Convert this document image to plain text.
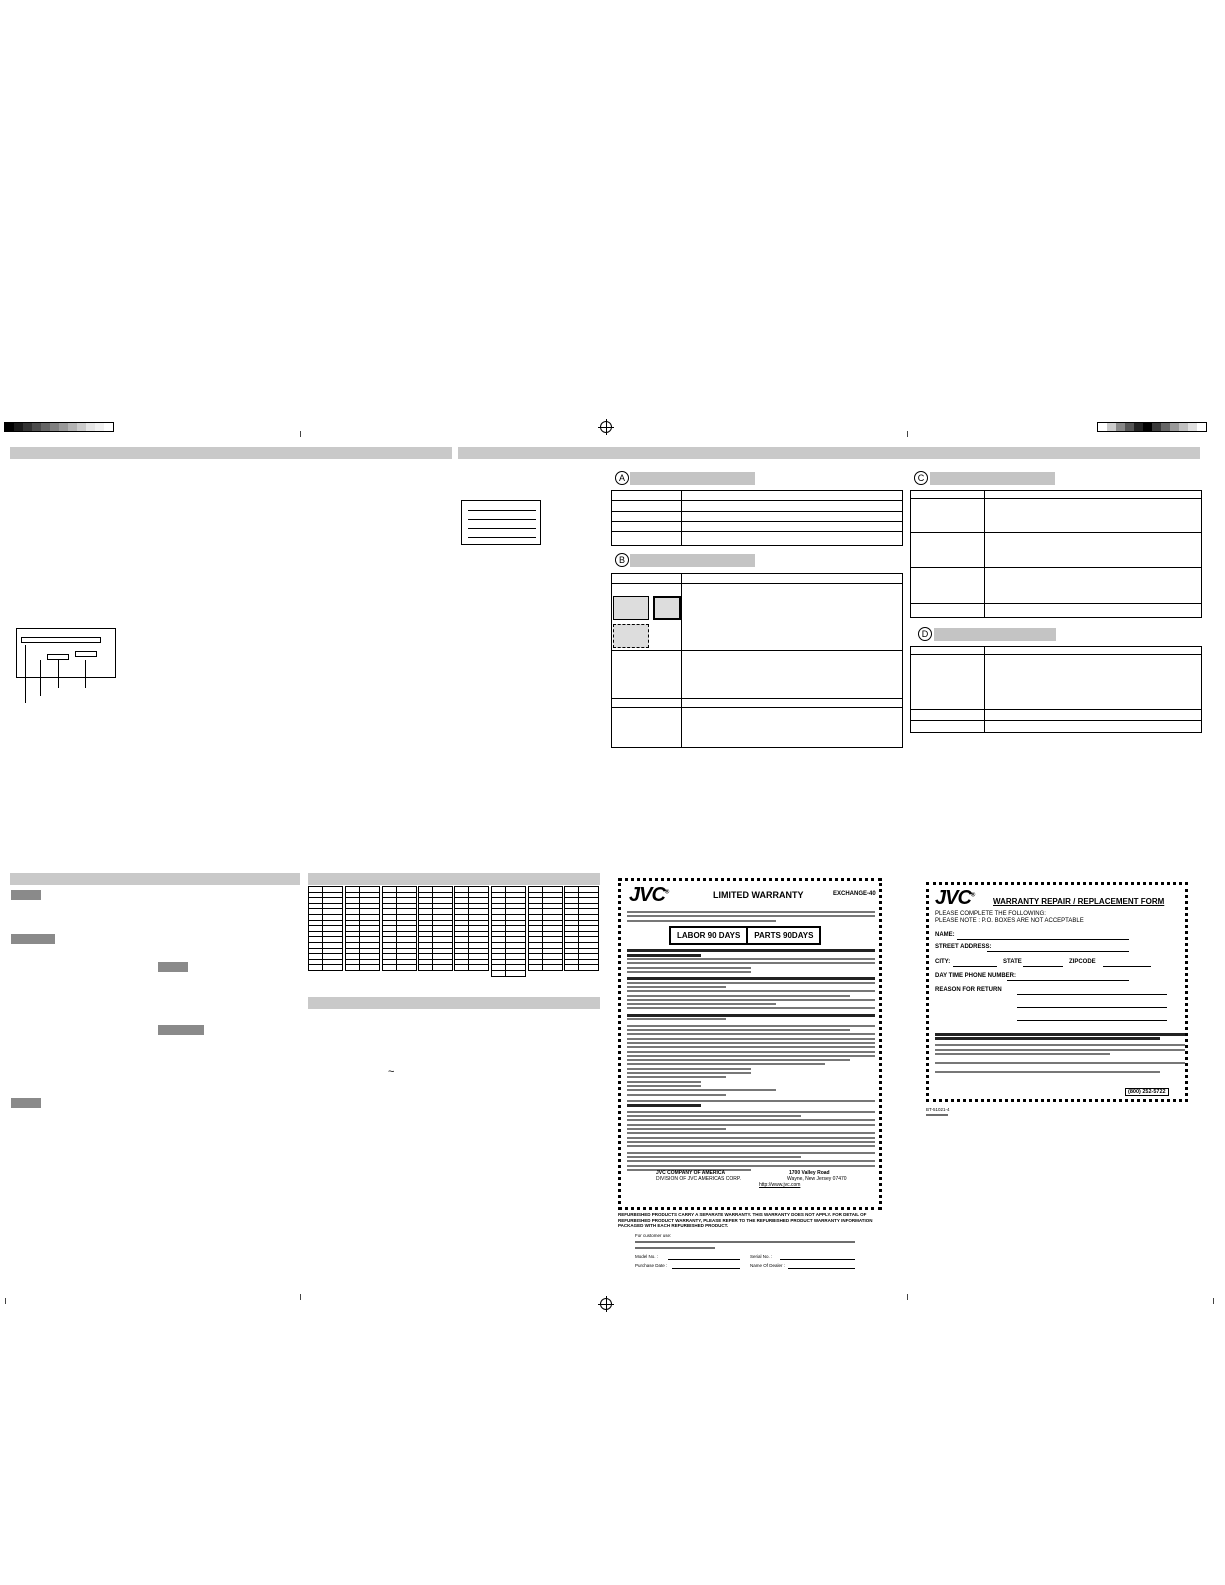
A

B

C

D

~
JVC®	LIMITED WARRANTY	EXCHANGE-40
LABOR 90 DAYS	PARTS 90DAYS
JVC COMPANY OF AMERICA
DIVISION OF JVC AMERICAS CORP.
1700 Valley Road
Wayne, New Jersey 07470
http://www.jvc.com
REFURBISHED PRODUCTS CARRY A SEPARATE WARRANTY. THIS WARRANTY DOES NOT APPLY. FOR DETAIL OF REFURBISHED PRODUCT WARRANTY, PLEASE REFER TO THE REFURBISHED PRODUCT WARRANTY INFORMATION PACKAGED WITH EACH REFURBISHED PRODUCT.
For customer use:
Model No. :	Serial No. :
Purchase Date :	Name Of Dealer :
JVC®
WARRANTY REPAIR / REPLACEMENT FORM
PLEASE COMPLETE THE FOLLOWING:
PLEASE NOTE : P.O. BOXES ARE NOT ACCEPTABLE
NAME:
STREET ADDRESS:
CITY:	STATE	ZIPCODE
DAY TIME PHONE NUMBER:
REASON FOR RETURN
(800) 252-5722
BT-51021-4
